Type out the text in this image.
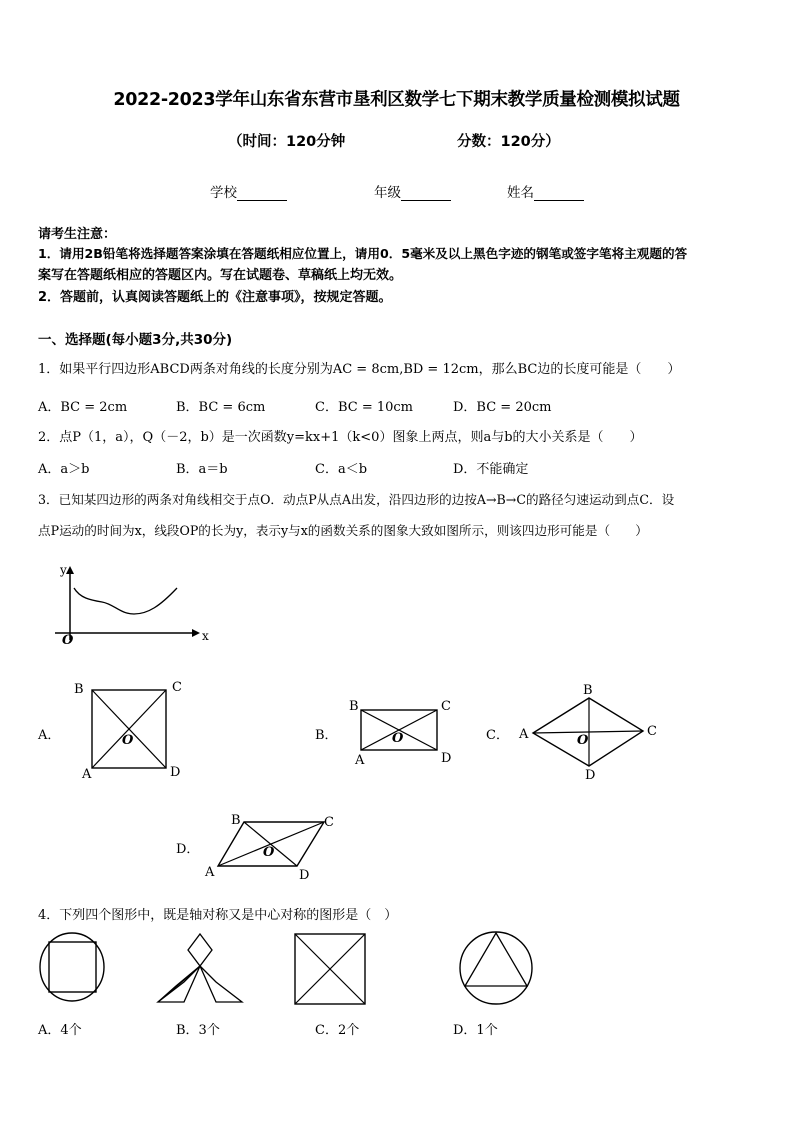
2022-2023学年山东省东营市垦利区数学七下期末教学质量检测模拟试题
（时间：120分钟	分数：120分）
学校	年级	姓名
请考生注意：
1．请用2B铅笔将选择题答案涂填在答题纸相应位置上，请用0．5毫米及以上黑色字迹的钢笔或签字笔将主观题的答
案写在答题纸相应的答题区内。写在试题卷、草稿纸上均无效。
2．答题前，认真阅读答题纸上的《注意事项》，按规定答题。
一、选择题(每小题3分,共30分)
1．如果平行四边形ABCD两条对角线的长度分别为AC = 8cm,BD = 12cm，那么BC边的长度可能是（　　）
A．BC = 2cm	B．BC = 6cm	C．BC = 10cm	D．BC = 20cm
2．点P（1，a），Q（－2，b）是一次函数y=kx+1（k<0）图象上两点，则a与b的大小关系是（　　）
A．a＞b	B．a＝b	C．a＜b	D．不能确定
3．已知某四边形的两条对角线相交于点O．动点P从点A出发，沿四边形的边按A→B→C的路径匀速运动到点C．设
点P运动的时间为x，线段OP的长为y，表示y与x的函数关系的图象大致如图所示，则该四边形可能是（　　）
y
x
O
A．	B．	C．
D．
B	C
A	D
O
B	C
A	D
O
B
A	C
D
O
B	C
A	D
O
4．下列四个图形中，既是轴对称又是中心对称的图形是（　）
A．4个	B．3个	C．2个	D．1个
